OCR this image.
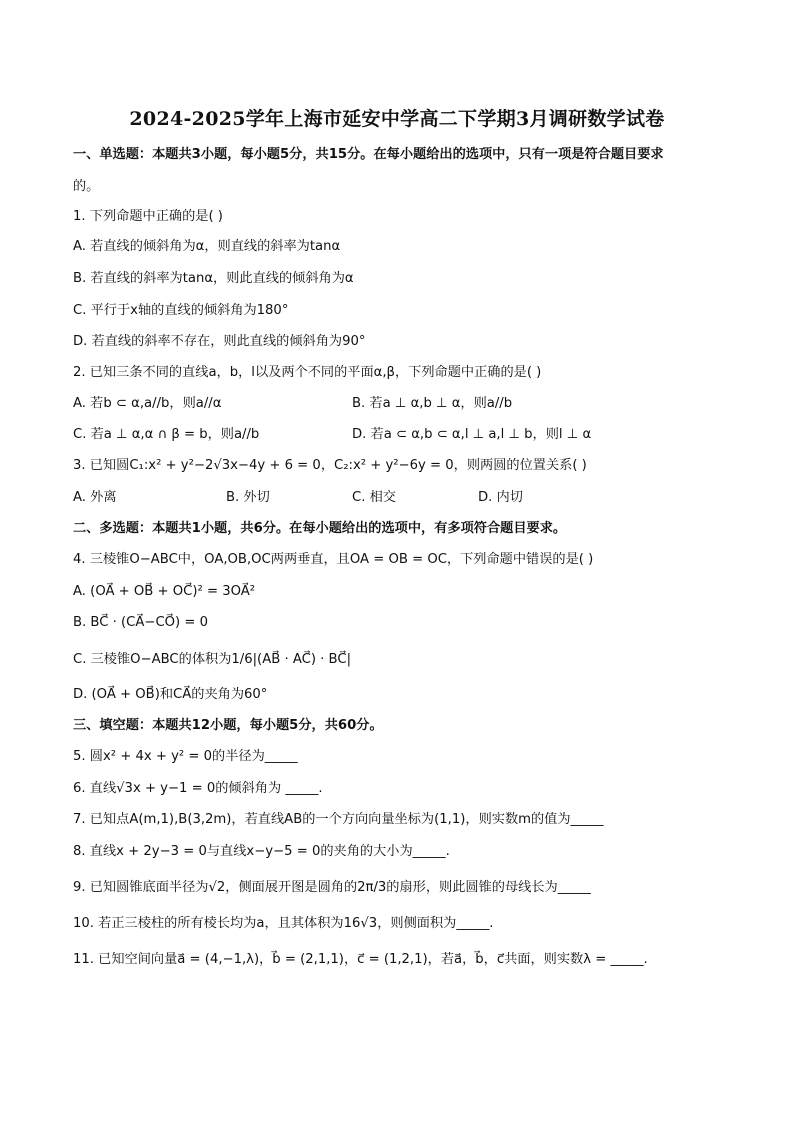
2024-2025学年上海市延安中学高二下学期3月调研数学试卷
一、单选题：本题共3小题，每小题5分，共15分。在每小题给出的选项中，只有一项是符合题目要求
的。
1. 下列命题中正确的是( )
A. 若直线的倾斜角为α，则直线的斜率为tanα
B. 若直线的斜率为tanα，则此直线的倾斜角为α
C. 平行于x轴的直线的倾斜角为180°
D. 若直线的斜率不存在，则此直线的倾斜角为90°
2. 已知三条不同的直线a，b，l以及两个不同的平面α,β，下列命题中正确的是( )
A. 若b ⊂ α,a//b，则a//α	B. 若a ⊥ α,b ⊥ α，则a//b
C. 若a ⊥ α,α ∩ β = b，则a//b	D. 若a ⊂ α,b ⊂ α,l ⊥ a,l ⊥ b，则l ⊥ α
3. 已知圆C₁:x² + y²−2√3x−4y + 6 = 0，C₂:x² + y²−6y = 0，则两圆的位置关系( )
A. 外离	B. 外切	C. 相交	D. 内切
二、多选题：本题共1小题，共6分。在每小题给出的选项中，有多项符合题目要求。
4. 三棱锥O−ABC中，OA,OB,OC两两垂直，且OA = OB = OC，下列命题中错误的是( )
A. (OA⃗ + OB⃗ + OC⃗)² = 3OA⃗²
B. BC⃗ · (CA⃗−CO⃗) = 0
C. 三棱锥O−ABC的体积为1/6|(AB⃗ · AC⃗) · BC⃗|
D. (OA⃗ + OB⃗)和CA⃗的夹角为60°
三、填空题：本题共12小题，每小题5分，共60分。
5. 圆x² + 4x + y² = 0的半径为_____
6. 直线√3x + y−1 = 0的倾斜角为 _____.
7. 已知点A(m,1),B(3,2m)，若直线AB的一个方向向量坐标为(1,1)，则实数m的值为_____
8. 直线x + 2y−3 = 0与直线x−y−5 = 0的夹角的大小为_____.
9. 已知圆锥底面半径为√2，侧面展开图是圆角的2π/3的扇形，则此圆锥的母线长为_____
10. 若正三棱柱的所有棱长均为a，且其体积为16√3，则侧面积为_____.
11. 已知空间向量a⃗ = (4,−1,λ)，b⃗ = (2,1,1)，c⃗ = (1,2,1)，若a⃗，b⃗，c⃗共面，则实数λ = _____.
